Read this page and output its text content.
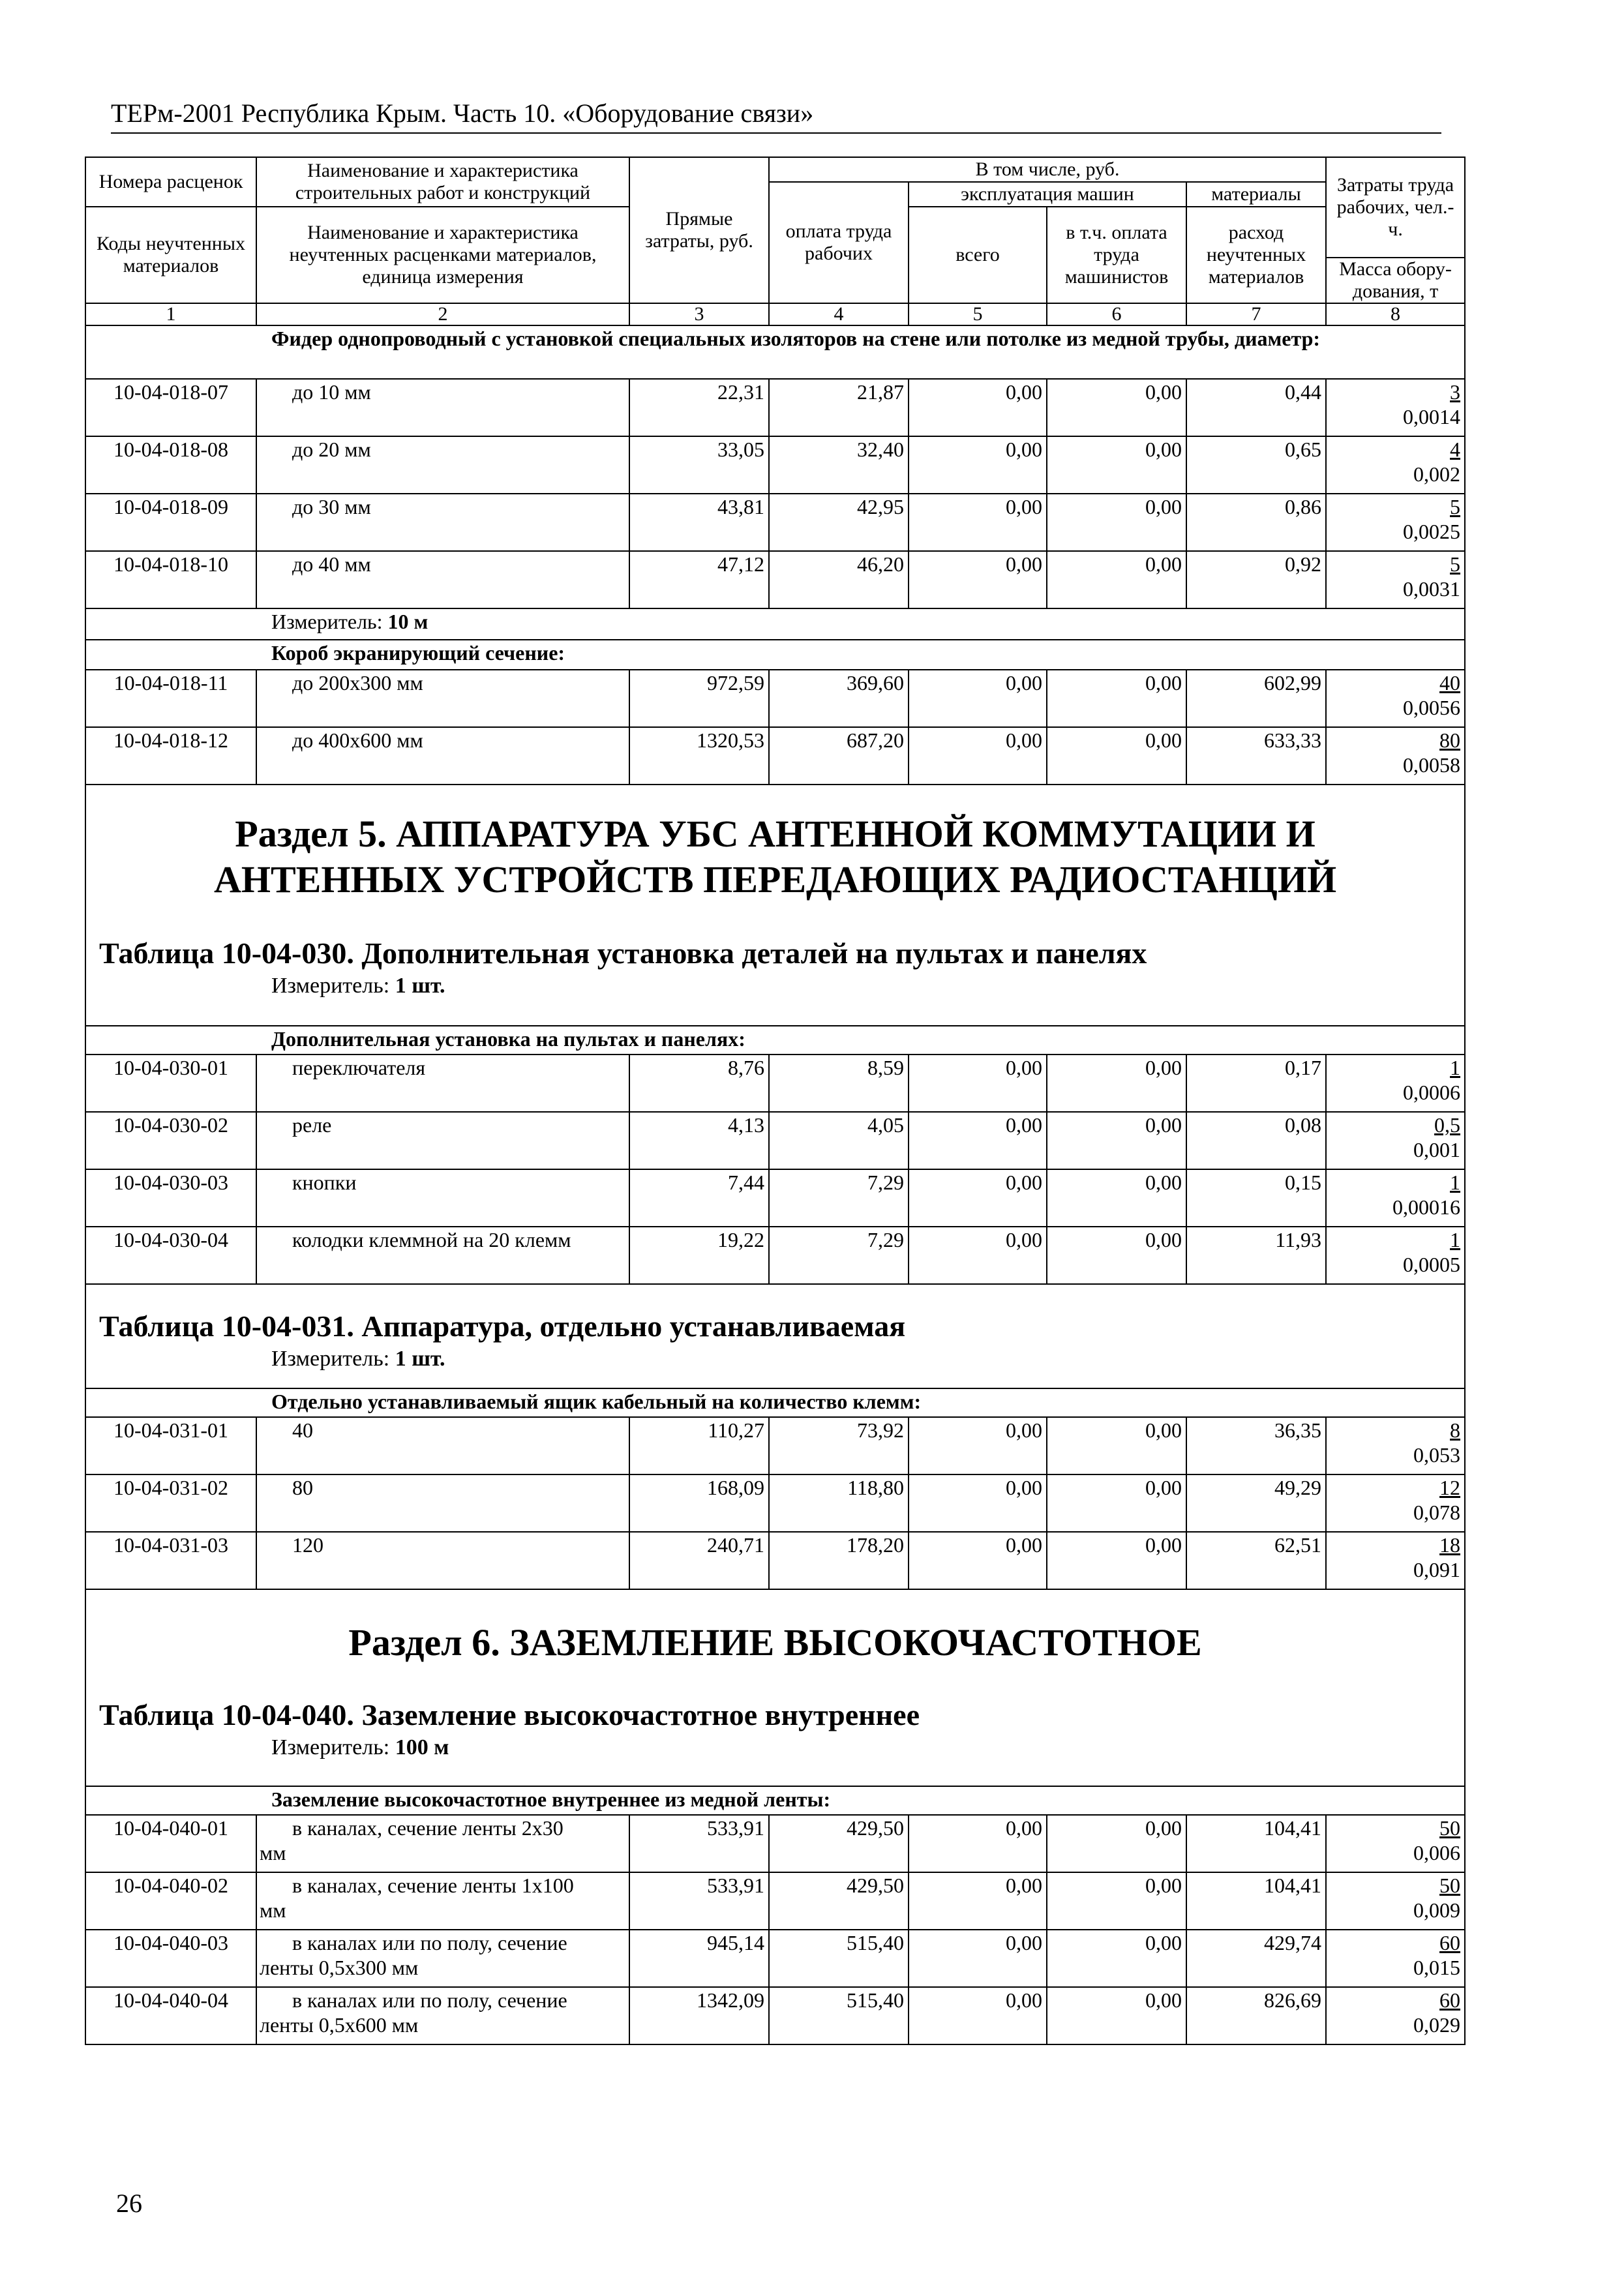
ТЕРм-2001 Республика Крым. Часть 10. «Оборудование связи»
Номера расценок	Наименование и характеристика строительных работ и конструкций	Прямые затраты, руб.	В том числе, руб.				Затраты труда рабочих, чел.-ч.
			оплата труда рабочих	эксплуатация машин		материалы	
Коды неучтенных материалов	Наименование и характеристика неучтенных расценками материалов, единица измерения			всего	в т.ч. оплата труда машинистов	расход неучтенных материалов	
							Масса обору-дования, т
1	2	3	4	5	6	7	8
Фидер однопроводный с установкой специальных изоляторов на стене или потолке из медной трубы, диаметр:							
10-04-018-07	до 10 мм	22,31	21,87	0,00	0,00	0,44	3
0,0014
10-04-018-08	до 20 мм	33,05	32,40	0,00	0,00	0,65	4
0,002
10-04-018-09	до 30 мм	43,81	42,95	0,00	0,00	0,86	5
0,0025
10-04-018-10	до 40 мм	47,12	46,20	0,00	0,00	0,92	5
0,0031
Измеритель: 10 м							
Короб экранирующий сечение:							
10-04-018-11	до 200х300 мм	972,59	369,60	0,00	0,00	602,99	40
0,0056
10-04-018-12	до 400х600 мм	1320,53	687,20	0,00	0,00	633,33	80
0,0058

Раздел 5. АППАРАТУРА УБС АНТЕННОЙ КОММУТАЦИИ И
АНТЕННЫХ УСТРОЙСТВ ПЕРЕДАЮЩИХ РАДИОСТАНЦИЙ
Таблица 10-04-030. Дополнительная установка деталей на пультах и панелях
Измеритель: 1 шт.							

Дополнительная установка на пультах и панелях:							
10-04-030-01	переключателя	8,76	8,59	0,00	0,00	0,17	1
0,0006
10-04-030-02	реле	4,13	4,05	0,00	0,00	0,08	0,5
0,001
10-04-030-03	кнопки	7,44	7,29	0,00	0,00	0,15	1
0,00016
10-04-030-04	колодки клеммной на 20 клемм	19,22	7,29	0,00	0,00	11,93	1
0,0005

Таблица 10-04-031. Аппаратура, отдельно устанавливаемая
Измеритель: 1 шт.							

Отдельно устанавливаемый ящик кабельный на количество клемм:							
10-04-031-01	40	110,27	73,92	0,00	0,00	36,35	8
0,053
10-04-031-02	80	168,09	118,80	0,00	0,00	49,29	12
0,078
10-04-031-03	120	240,71	178,20	0,00	0,00	62,51	18
0,091

Раздел 6. ЗАЗЕМЛЕНИЕ ВЫСОКОЧАСТОТНОЕ
Таблица 10-04-040. Заземление высокочастотное внутреннее
Измеритель: 100 м							

Заземление высокочастотное внутреннее из медной ленты:							
10-04-040-01	в каналах, сечение ленты 2х30
мм	533,91	429,50	0,00	0,00	104,41	50
0,006
10-04-040-02	в каналах, сечение ленты 1х100
мм	533,91	429,50	0,00	0,00	104,41	50
0,009
10-04-040-03	в каналах или по полу, сечение
ленты 0,5х300 мм	945,14	515,40	0,00	0,00	429,74	60
0,015
10-04-040-04	в каналах или по полу, сечение
ленты 0,5х600 мм	1342,09	515,40	0,00	0,00	826,69	60
0,029
26
